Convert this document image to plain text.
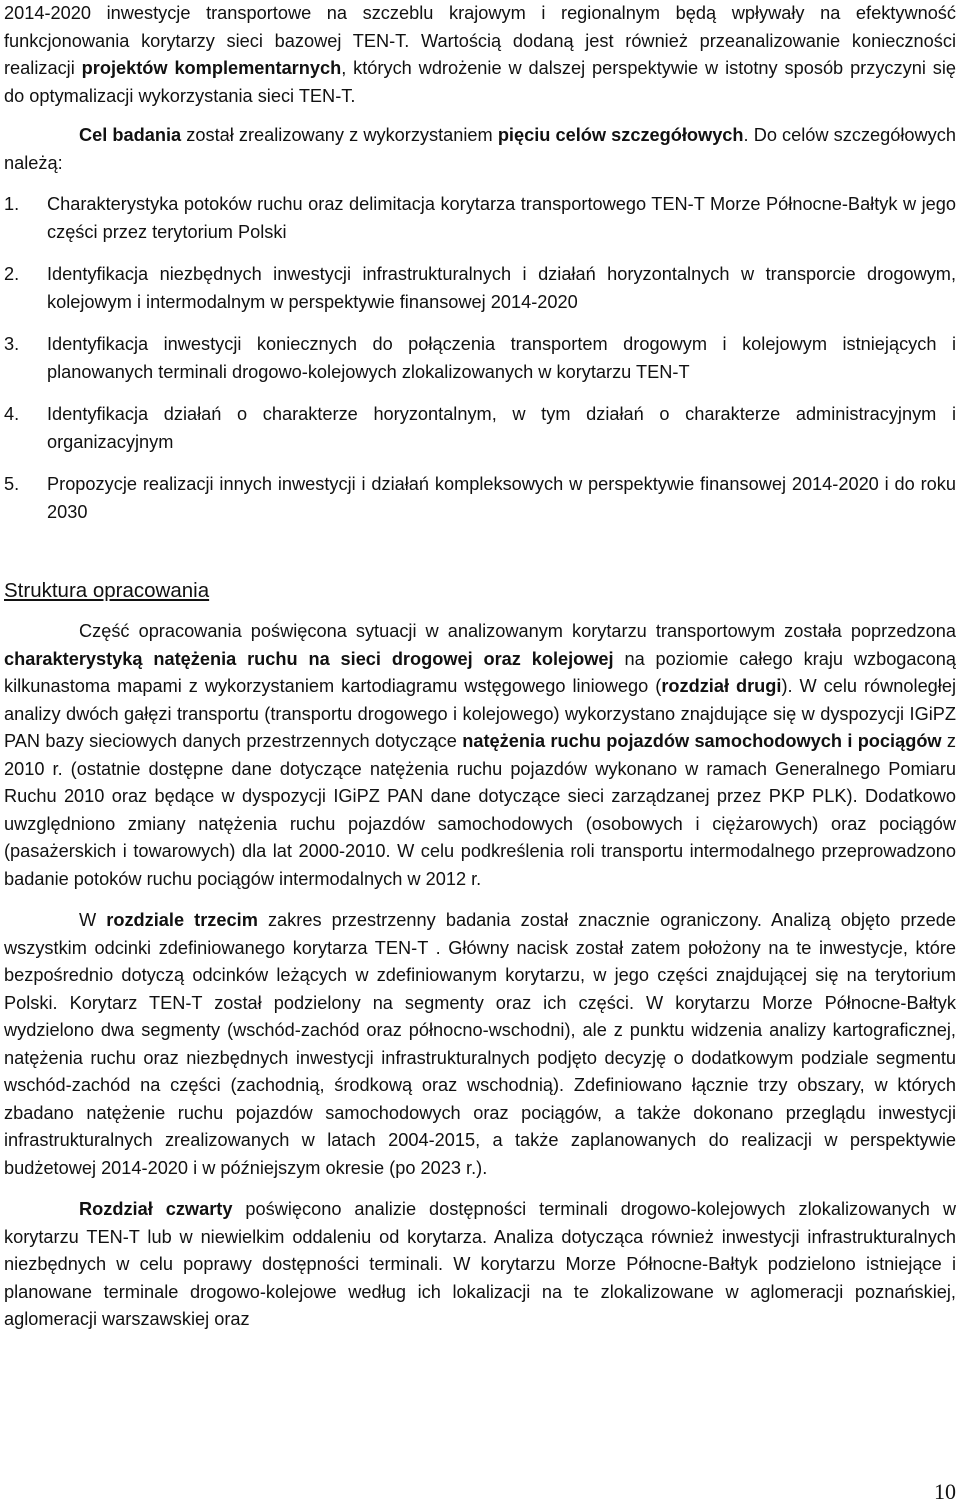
2014-2020 inwestycje transportowe na szczeblu krajowym i regionalnym będą wpływały na efektywność funkcjonowania korytarzy sieci bazowej TEN-T. Wartością dodaną jest również przeanalizowanie konieczności realizacji projektów komplementarnych, których wdrożenie w dalszej perspektywie w istotny sposób przyczyni się do optymalizacji wykorzystania sieci TEN-T.

Cel badania został zrealizowany z wykorzystaniem pięciu celów szczegółowych. Do celów szczegółowych należą:

1.	Charakterystyka potoków ruchu oraz delimitacja korytarza transportowego TEN-T Morze Północne-Bałtyk w jego części przez terytorium Polski
2.	Identyfikacja niezbędnych inwestycji infrastrukturalnych i działań horyzontalnych w transporcie drogowym, kolejowym i intermodalnym w perspektywie finansowej 2014-2020
3.	Identyfikacja inwestycji koniecznych do połączenia transportem drogowym i kolejowym istniejących i planowanych terminali drogowo-kolejowych zlokalizowanych w korytarzu TEN-T
4.	Identyfikacja działań o charakterze horyzontalnym, w tym działań o charakterze administracyjnym i organizacyjnym
5.	Propozycje realizacji innych inwestycji i działań kompleksowych w perspektywie finansowej 2014-2020 i do roku 2030
Struktura opracowania

Część opracowania poświęcona sytuacji w analizowanym korytarzu transportowym została poprzedzona charakterystyką natężenia ruchu na sieci drogowej oraz kolejowej na poziomie całego kraju wzbogaconą kilkunastoma mapami z wykorzystaniem kartodiagramu wstęgowego liniowego (rozdział drugi). W celu równoległej analizy dwóch gałęzi transportu (transportu drogowego i kolejowego) wykorzystano znajdujące się w dyspozycji IGiPZ PAN bazy sieciowych danych przestrzennych dotyczące natężenia ruchu pojazdów samochodowych i pociągów z 2010 r. (ostatnie dostępne dane dotyczące natężenia ruchu pojazdów wykonano w ramach Generalnego Pomiaru Ruchu 2010 oraz będące w dyspozycji IGiPZ PAN dane dotyczące sieci zarządzanej przez PKP PLK). Dodatkowo uwzględniono zmiany natężenia ruchu pojazdów samochodowych (osobowych i ciężarowych) oraz pociągów (pasażerskich i towarowych) dla lat 2000-2010. W celu podkreślenia roli transportu intermodalnego przeprowadzono badanie potoków ruchu pociągów intermodalnych w 2012 r.

W rozdziale trzecim zakres przestrzenny badania został znacznie ograniczony. Analizą objęto przede wszystkim odcinki zdefiniowanego korytarza TEN-T . Główny nacisk został zatem położony na te inwestycje, które bezpośrednio dotyczą odcinków leżących w zdefiniowanym korytarzu, w jego części znajdującej się na terytorium Polski. Korytarz TEN-T został podzielony na segmenty oraz ich części. W korytarzu Morze Północne-Bałtyk wydzielono dwa segmenty (wschód-zachód oraz północno-wschodni), ale z punktu widzenia analizy kartograficznej, natężenia ruchu oraz niezbędnych inwestycji infrastrukturalnych podjęto decyzję o dodatkowym podziale segmentu wschód-zachód na części (zachodnią, środkową oraz wschodnią). Zdefiniowano łącznie trzy obszary, w których zbadano natężenie ruchu pojazdów samochodowych oraz pociągów, a także dokonano przeglądu inwestycji infrastrukturalnych zrealizowanych w latach 2004-2015, a także zaplanowanych do realizacji w perspektywie budżetowej 2014-2020 i w późniejszym okresie (po 2023 r.).

Rozdział czwarty poświęcono analizie dostępności terminali drogowo-kolejowych zlokalizowanych w korytarzu TEN-T lub w niewielkim oddaleniu od korytarza. Analiza dotycząca również inwestycji infrastrukturalnych niezbędnych w celu poprawy dostępności terminali. W korytarzu Morze Północne-Bałtyk podzielono istniejące i planowane terminale drogowo-kolejowe według ich lokalizacji na te zlokalizowane w aglomeracji poznańskiej, aglomeracji warszawskiej oraz

10
